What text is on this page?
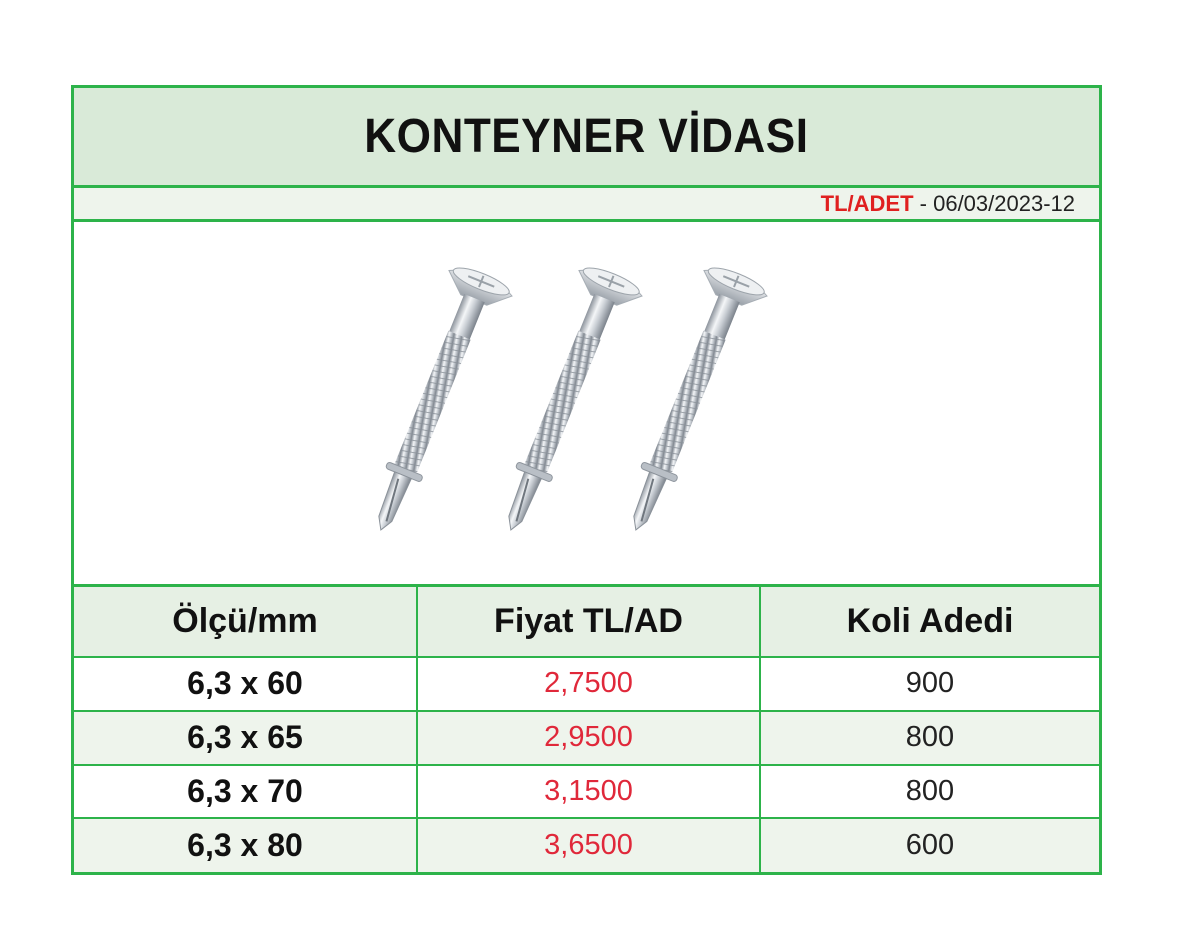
KONTEYNER VİDASI
TL/ADET - 06/03/2023-12
Ölçü/mm	Fiyat TL/AD	Koli Adedi
6,3 x 60	2,7500	900
6,3 x 65	2,9500	800
6,3 x 70	3,1500	800
6,3 x 80	3,6500	600
